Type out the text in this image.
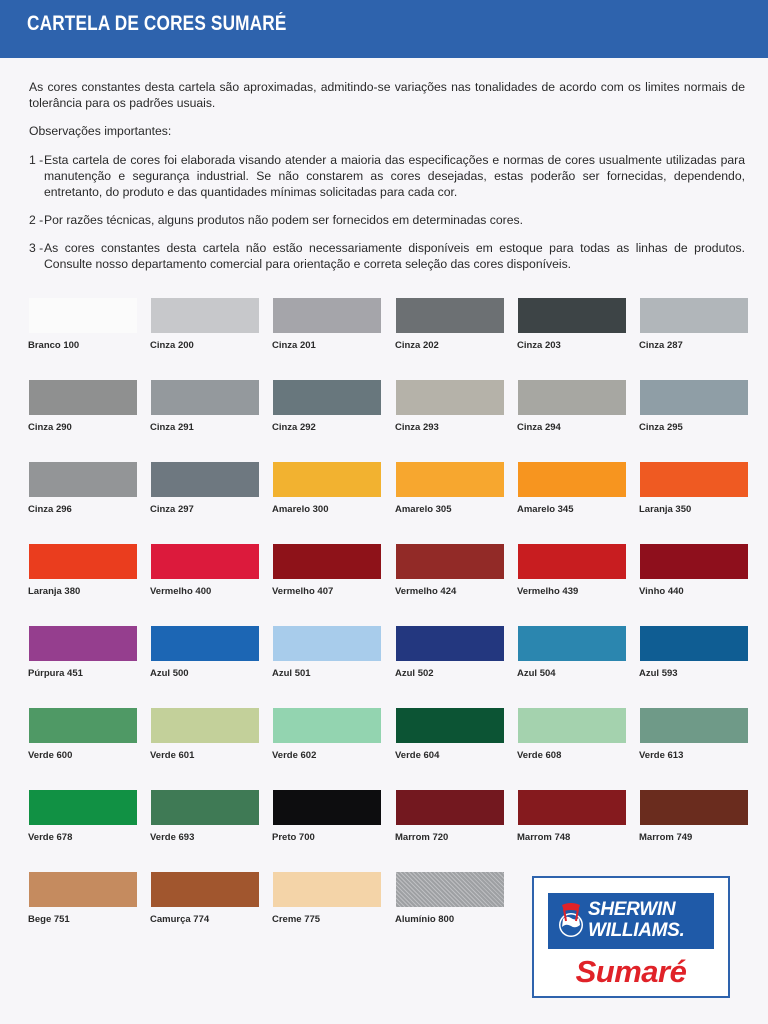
CARTELA DE CORES SUMARÉ

As cores constantes desta cartela são aproximadas, admitindo-se variações nas tonalidades de acordo com os limites normais de tolerância para os padrões usuais.

Observações importantes:

1 - Esta cartela de cores foi elaborada visando atender a maioria das especificações e normas de cores usualmente utilizadas para manutenção e segurança industrial. Se não constarem as cores desejadas, estas poderão ser fornecidas, dependendo, entretanto, do produto e das quantidades mínimas solicitadas para cada cor.
2 - Por razões técnicas, alguns produtos não podem ser fornecidos em determinadas cores.
3 - As cores constantes desta cartela não estão necessariamente disponíveis em estoque para todas as linhas de produtos. Consulte nosso departamento comercial para orientação e correta seleção das cores disponíveis.
Branco 100	Cinza 200	Cinza 201	Cinza 202	Cinza 203	Cinza 287
Cinza 290	Cinza 291	Cinza 292	Cinza 293	Cinza 294	Cinza 295
Cinza 296	Cinza 297	Amarelo 300	Amarelo 305	Amarelo 345	Laranja 350
Laranja 380	Vermelho 400	Vermelho 407	Vermelho 424	Vermelho 439	Vinho 440
Púrpura 451	Azul 500	Azul 501	Azul 502	Azul 504	Azul 593
Verde 600	Verde 601	Verde 602	Verde 604	Verde 608	Verde 613
Verde 678	Verde 693	Preto 700	Marrom 720	Marrom 748	Marrom 749
Bege 751	Camurça 774	Creme 775	Alumínio 800	SHERWIN
WILLIAMS.
Sumaré
